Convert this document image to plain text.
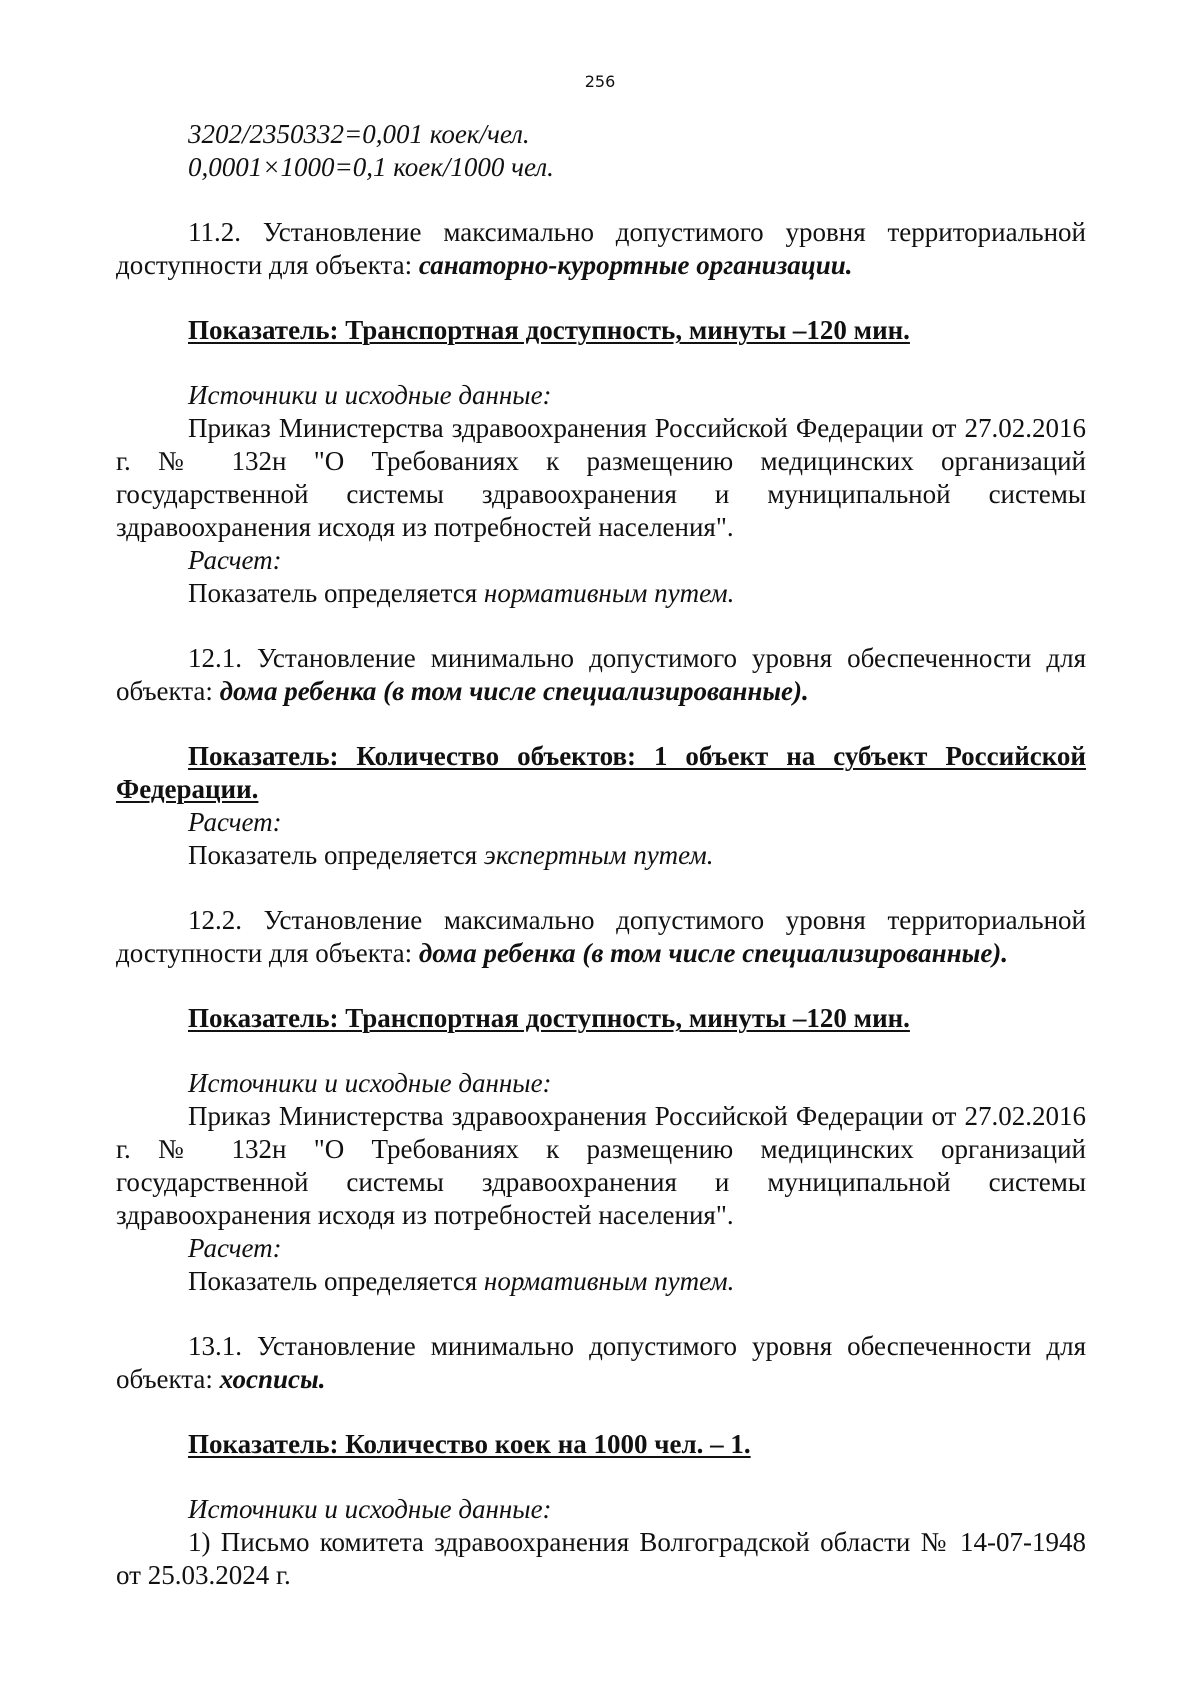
256

3202/2350332=0,001 коек/чел.

0,0001×1000=0,1 коек/1000 чел.

11.2. Установление максимально допустимого уровня территориальной доступности для объекта: санаторно-курортные организации.

Показатель: Транспортная доступность, минуты –120 мин.

Источники и исходные данные:

Приказ Министерства здравоохранения Российской Федерации от 27.02.2016 г. № 132н "О Требованиях к размещению медицинских организаций государственной системы здравоохранения и муниципальной системы здравоохранения исходя из потребностей населения".

Расчет:

Показатель определяется нормативным путем.

12.1. Установление минимально допустимого уровня обеспеченности для объекта: дома ребенка (в том числе специализированные).

Показатель: Количество объектов: 1 объект на субъект Российской Федерации.

Расчет:

Показатель определяется экспертным путем.

12.2. Установление максимально допустимого уровня территориальной доступности для объекта: дома ребенка (в том числе специализированные).

Показатель: Транспортная доступность, минуты –120 мин.

Источники и исходные данные:

Приказ Министерства здравоохранения Российской Федерации от 27.02.2016 г. № 132н "О Требованиях к размещению медицинских организаций государственной системы здравоохранения и муниципальной системы здравоохранения исходя из потребностей населения".

Расчет:

Показатель определяется нормативным путем.

13.1. Установление минимально допустимого уровня обеспеченности для объекта: хосписы.

Показатель: Количество коек на 1000 чел. – 1.

Источники и исходные данные:

1) Письмо комитета здравоохранения Волгоградской области № 14-07-1948 от 25.03.2024 г.
